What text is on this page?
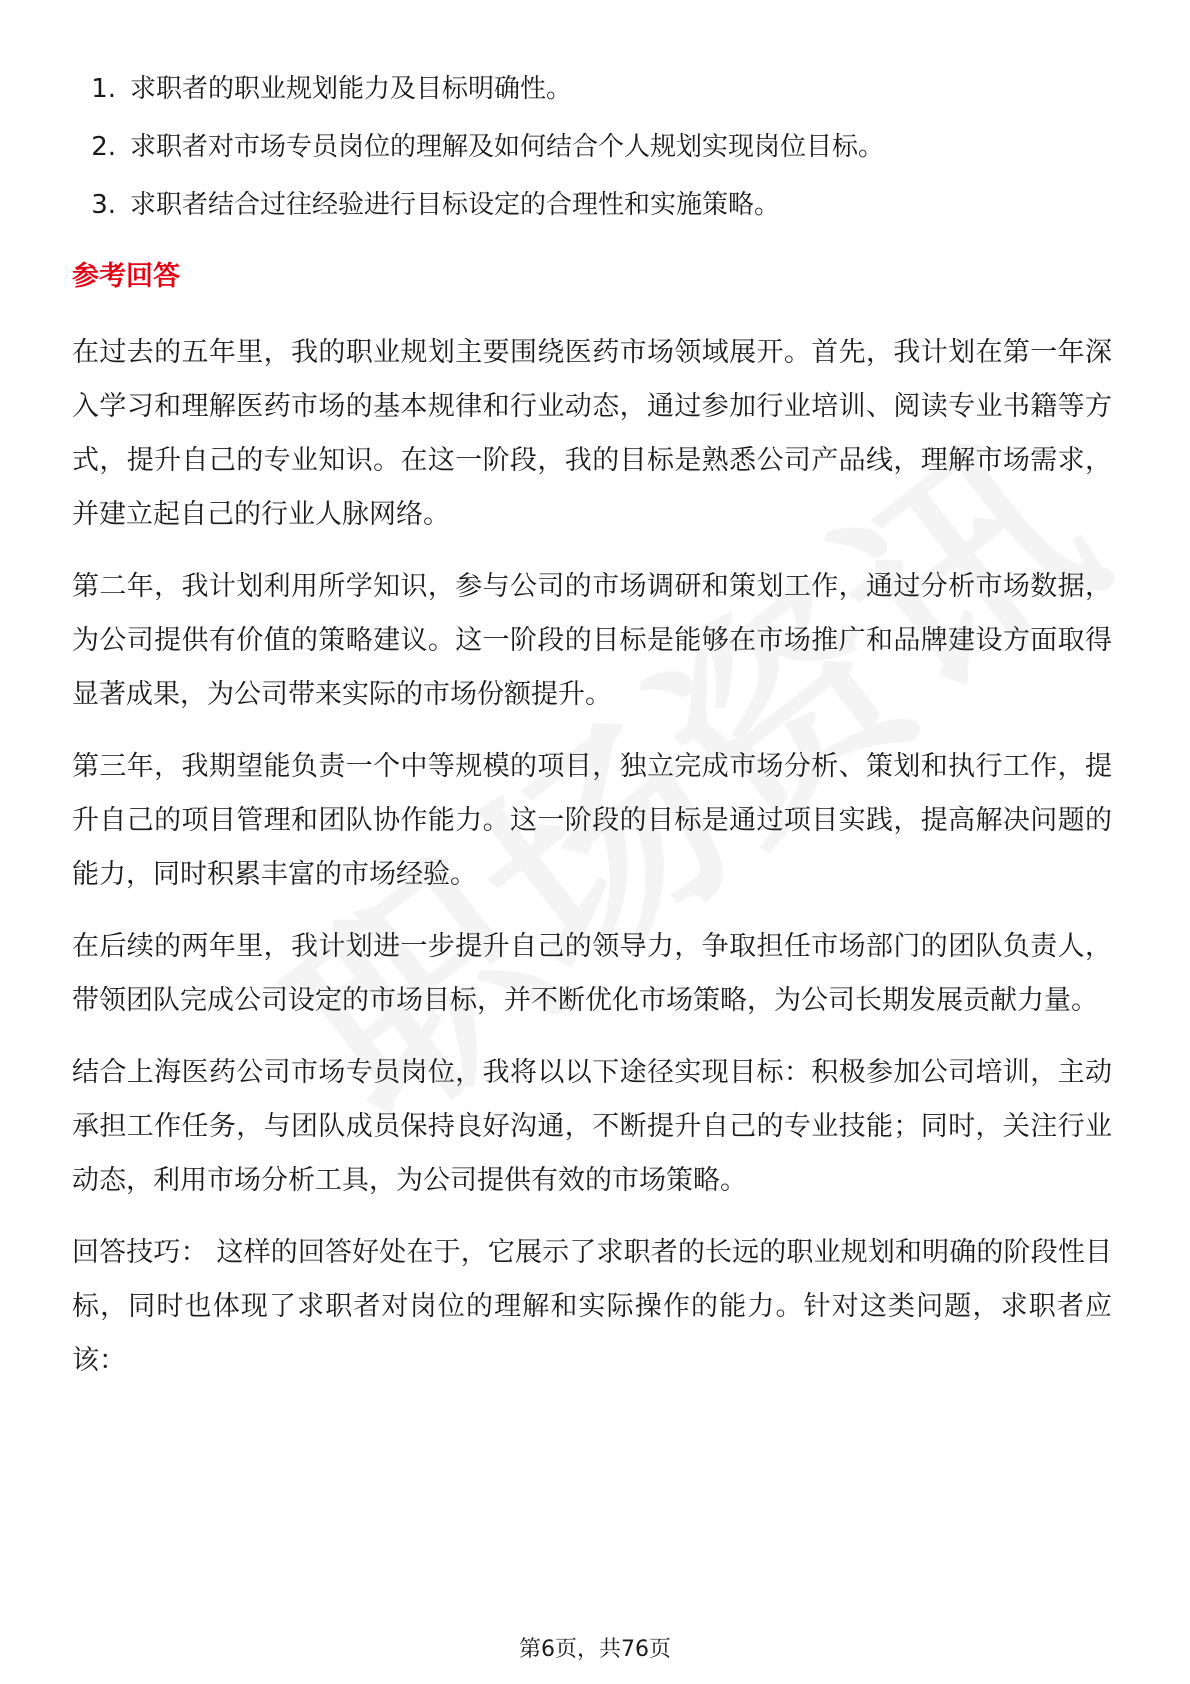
1. 求职者的职业规划能力及目标明确性。
2. 求职者对市场专员岗位的理解及如何结合个人规划实现岗位目标。
3. 求职者结合过往经验进行目标设定的合理性和实施策略。
参考回答

在过去的五年里，我的职业规划主要围绕医药市场领域展开。首先，我计划在第一年深入学习和理解医药市场的基本规律和行业动态，通过参加行业培训、阅读专业书籍等方式，提升自己的专业知识。在这一阶段，我的目标是熟悉公司产品线，理解市场需求，并建立起自己的行业人脉网络。

第二年，我计划利用所学知识，参与公司的市场调研和策划工作，通过分析市场数据，为公司提供有价值的策略建议。这一阶段的目标是能够在市场推广和品牌建设方面取得显著成果，为公司带来实际的市场份额提升。

第三年，我期望能负责一个中等规模的项目，独立完成市场分析、策划和执行工作，提升自己的项目管理和团队协作能力。这一阶段的目标是通过项目实践，提高解决问题的能力，同时积累丰富的市场经验。

在后续的两年里，我计划进一步提升自己的领导力，争取担任市场部门的团队负责人，带领团队完成公司设定的市场目标，并不断优化市场策略，为公司长期发展贡献力量。

结合上海医药公司市场专员岗位，我将以以下途径实现目标：积极参加公司培训，主动承担工作任务，与团队成员保持良好沟通，不断提升自己的专业技能；同时，关注行业动态，利用市场分析工具，为公司提供有效的市场策略。

回答技巧： 这样的回答好处在于，它展示了求职者的长远的职业规划和明确的阶段性目标，同时也体现了求职者对岗位的理解和实际操作的能力。针对这类问题，求职者应该：

第6页，共76页
